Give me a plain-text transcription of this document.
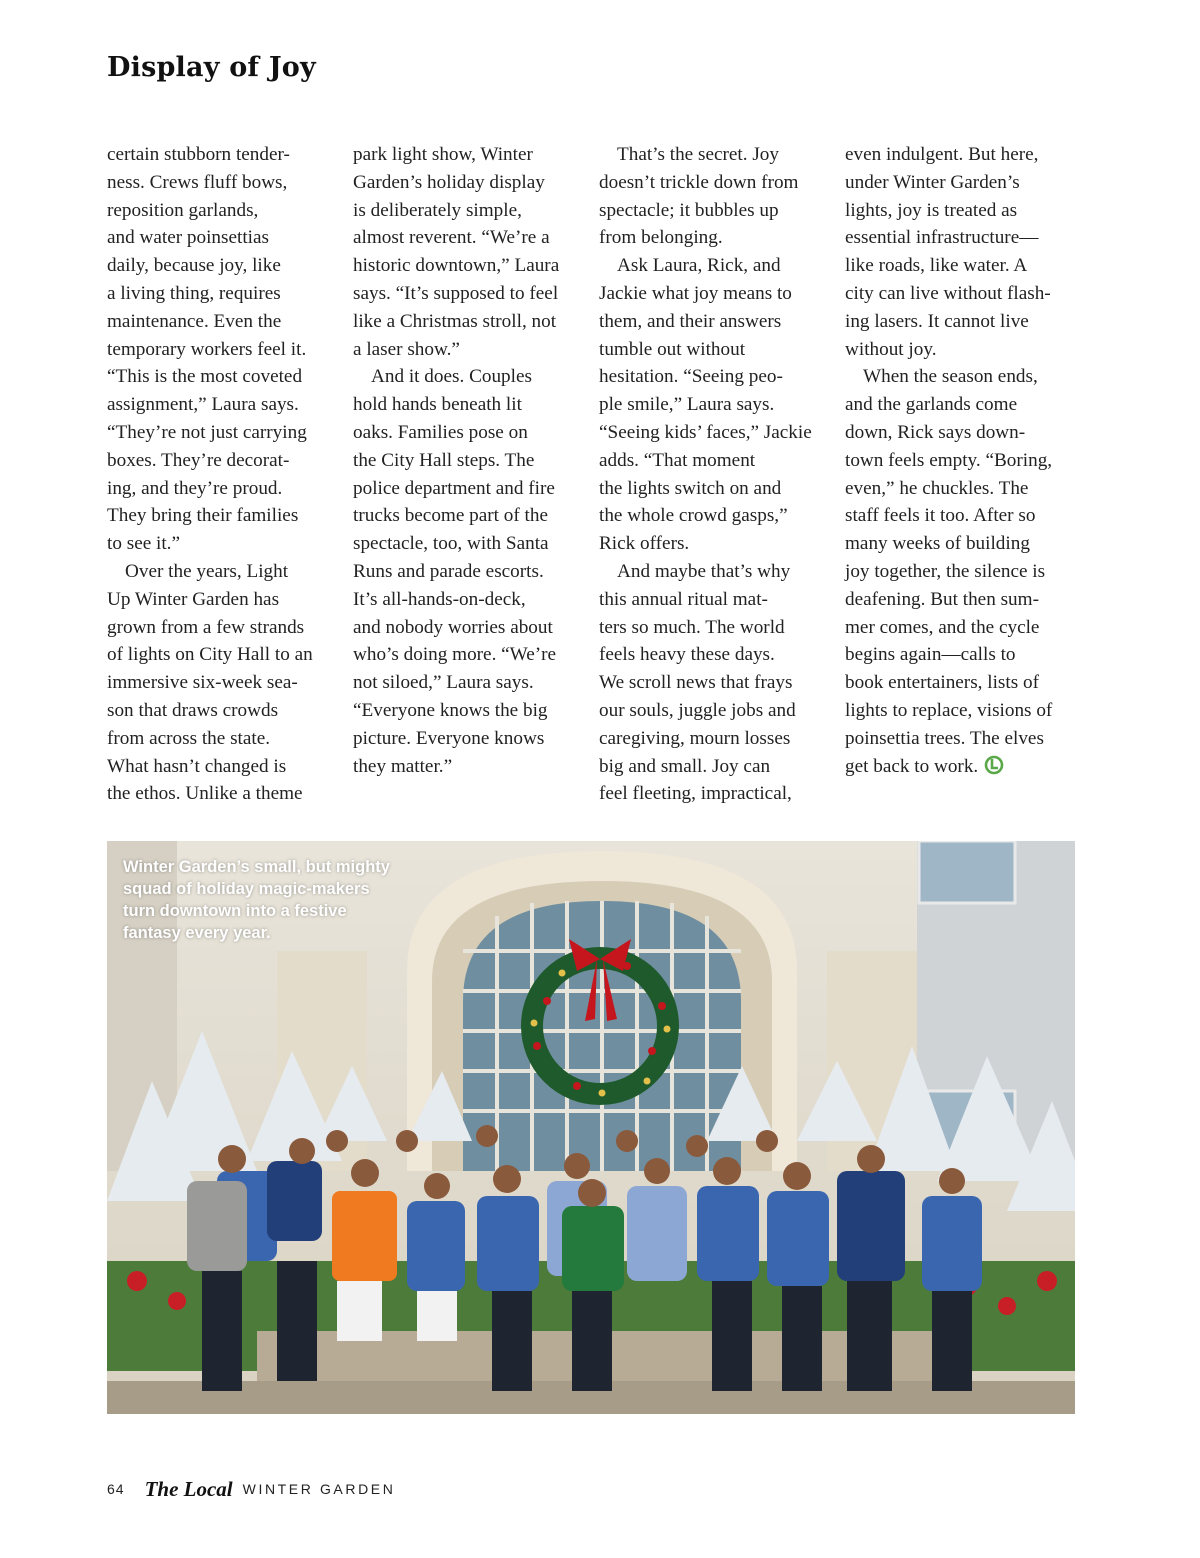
Display of Joy
certain stubborn tender-
ness. Crews fluff bows,
reposition garlands,
and water poinsettias
daily, because joy, like
a living thing, requires
maintenance. Even the
temporary workers feel it.
“This is the most coveted
assignment,” Laura says.
“They’re not just carrying
boxes. They’re decorat-
ing, and they’re proud.
They bring their families
to see it.”
Over the years, Light
Up Winter Garden has
grown from a few strands
of lights on City Hall to an
immersive six-week sea-
son that draws crowds
from across the state.
What hasn’t changed is
the ethos. Unlike a theme
park light show, Winter
Garden’s holiday display
is deliberately simple,
almost reverent. “We’re a
historic downtown,” Laura
says. “It’s supposed to feel
like a Christmas stroll, not
a laser show.”
And it does. Couples
hold hands beneath lit
oaks. Families pose on
the City Hall steps. The
police department and fire
trucks become part of the
spectacle, too, with Santa
Runs and parade escorts.
It’s all-hands-on-deck,
and nobody worries about
who’s doing more. “We’re
not siloed,” Laura says.
“Everyone knows the big
picture. Everyone knows
they matter.”
That’s the secret. Joy
doesn’t trickle down from
spectacle; it bubbles up
from belonging.
Ask Laura, Rick, and
Jackie what joy means to
them, and their answers
tumble out without
hesitation. “Seeing peo-
ple smile,” Laura says.
“Seeing kids’ faces,” Jackie
adds. “That moment
the lights switch on and
the whole crowd gasps,”
Rick offers.
And maybe that’s why
this annual ritual mat-
ters so much. The world
feels heavy these days.
We scroll news that frays
our souls, juggle jobs and
caregiving, mourn losses
big and small. Joy can
feel fleeting, impractical,
even indulgent. But here,
under Winter Garden’s
lights, joy is treated as
essential infrastructure—
like roads, like water. A
city can live without flash-
ing lasers. It cannot live
without joy.
When the season ends,
and the garlands come
down, Rick says down-
town feels empty. “Boring,
even,” he chuckles. The
staff feels it too. After so
many weeks of building
joy together, the silence is
deafening. But then sum-
mer comes, and the cycle
begins again—calls to
book entertainers, lists of
lights to replace, visions of
poinsettia trees. The elves
get back to work.
Winter Garden’s small, but mighty
squad of holiday magic-makers
turn downtown into a festive
fantasy every year.
64 The Local WINTER GARDEN
